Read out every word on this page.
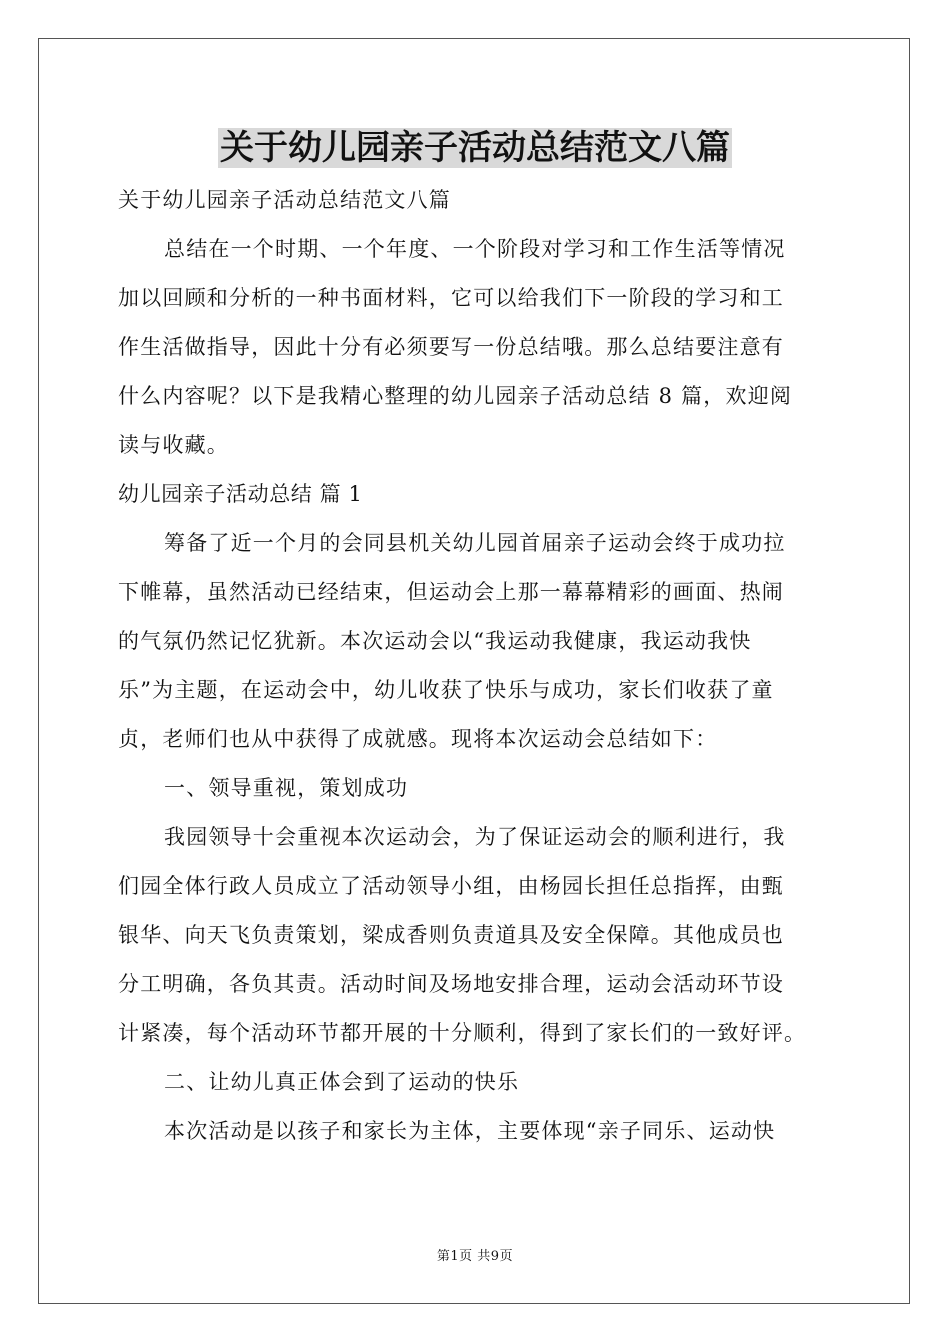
关于幼儿园亲子活动总结范文八篇

关于幼儿园亲子活动总结范文八篇

总结在一个时期、一个年度、一个阶段对学习和工作生活等情况

加以回顾和分析的一种书面材料，它可以给我们下一阶段的学习和工

作生活做指导，因此十分有必须要写一份总结哦。那么总结要注意有

什么内容呢？以下是我精心整理的幼儿园亲子活动总结 8 篇，欢迎阅

读与收藏。

幼儿园亲子活动总结 篇 1

筹备了近一个月的会同县机关幼儿园首届亲子运动会终于成功拉

下帷幕，虽然活动已经结束，但运动会上那一幕幕精彩的画面、热闹

的气氛仍然记忆犹新。本次运动会以“我运动我健康，我运动我快

乐”为主题，在运动会中，幼儿收获了快乐与成功，家长们收获了童

贞，老师们也从中获得了成就感。现将本次运动会总结如下：

一、领导重视，策划成功

我园领导十会重视本次运动会，为了保证运动会的顺利进行，我

们园全体行政人员成立了活动领导小组，由杨园长担任总指挥，由甄

银华、向天飞负责策划，梁成香则负责道具及安全保障。其他成员也

分工明确，各负其责。活动时间及场地安排合理，运动会活动环节设

计紧凑，每个活动环节都开展的十分顺利，得到了家长们的一致好评。

二、让幼儿真正体会到了运动的快乐

本次活动是以孩子和家长为主体，主要体现“亲子同乐、运动快

第1页 共9页
